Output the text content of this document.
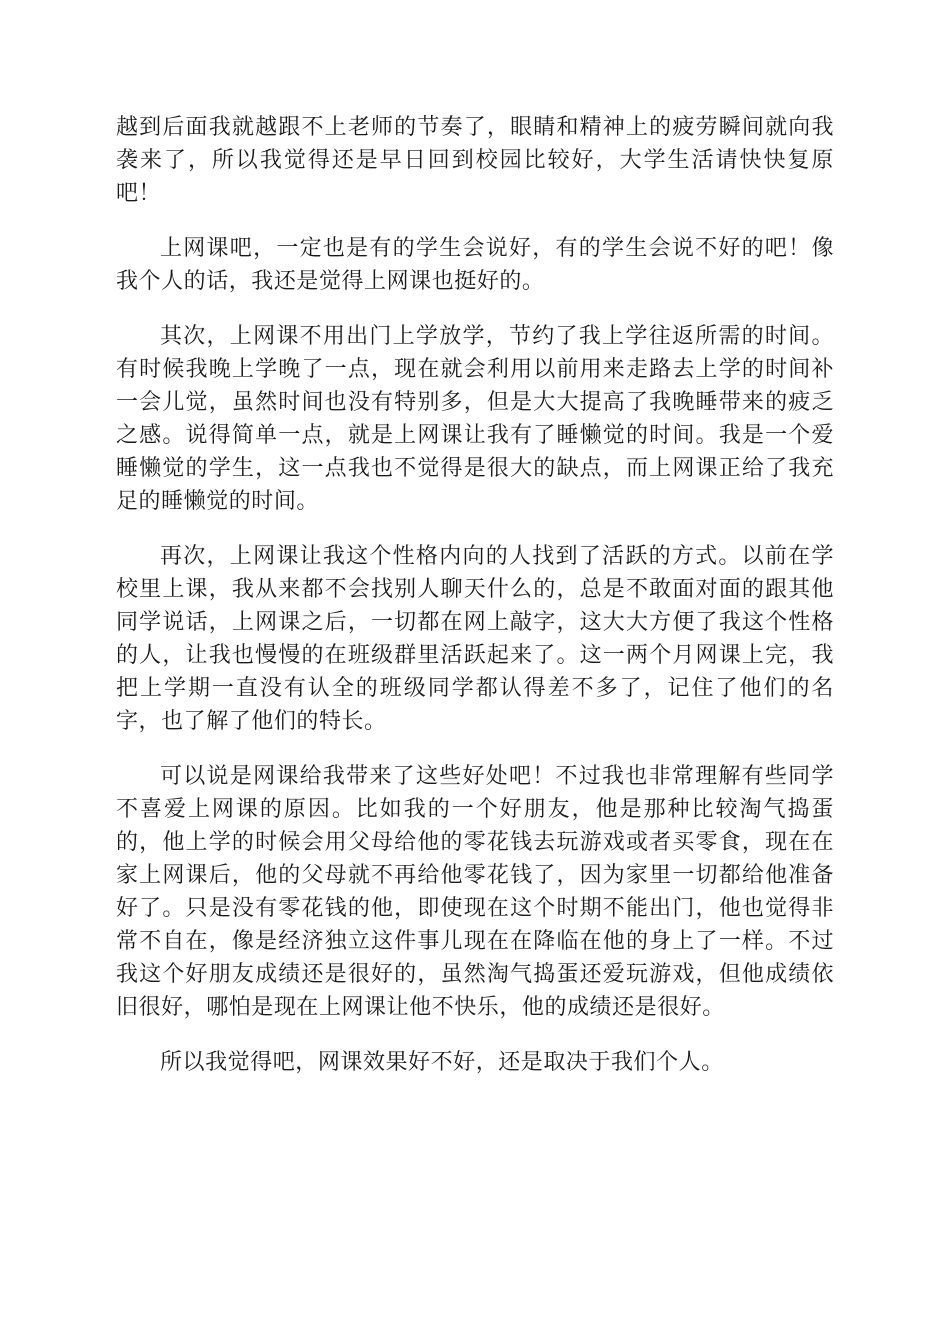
越到后面我就越跟不上老师的节奏了，眼睛和精神上的疲劳瞬间就向我袭来了，所以我觉得还是早日回到校园比较好，大学生活请快快复原吧！

上网课吧，一定也是有的学生会说好，有的学生会说不好的吧！像我个人的话，我还是觉得上网课也挺好的。

其次，上网课不用出门上学放学，节约了我上学往返所需的时间。有时候我晚上学晚了一点，现在就会利用以前用来走路去上学的时间补一会儿觉，虽然时间也没有特别多，但是大大提高了我晚睡带来的疲乏之感。说得简单一点，就是上网课让我有了睡懒觉的时间。我是一个爱睡懒觉的学生，这一点我也不觉得是很大的缺点，而上网课正给了我充足的睡懒觉的时间。

再次，上网课让我这个性格内向的人找到了活跃的方式。以前在学校里上课，我从来都不会找别人聊天什么的，总是不敢面对面的跟其他同学说话，上网课之后，一切都在网上敲字，这大大方便了我这个性格的人，让我也慢慢的在班级群里活跃起来了。这一两个月网课上完，我把上学期一直没有认全的班级同学都认得差不多了，记住了他们的名字，也了解了他们的特长。

可以说是网课给我带来了这些好处吧！不过我也非常理解有些同学不喜爱上网课的原因。比如我的一个好朋友，他是那种比较淘气捣蛋的，他上学的时候会用父母给他的零花钱去玩游戏或者买零食，现在在家上网课后，他的父母就不再给他零花钱了，因为家里一切都给他准备好了。只是没有零花钱的他，即使现在这个时期不能出门，他也觉得非常不自在，像是经济独立这件事儿现在在降临在他的身上了一样。不过我这个好朋友成绩还是很好的，虽然淘气捣蛋还爱玩游戏，但他成绩依旧很好，哪怕是现在上网课让他不快乐，他的成绩还是很好。

所以我觉得吧，网课效果好不好，还是取决于我们个人。
